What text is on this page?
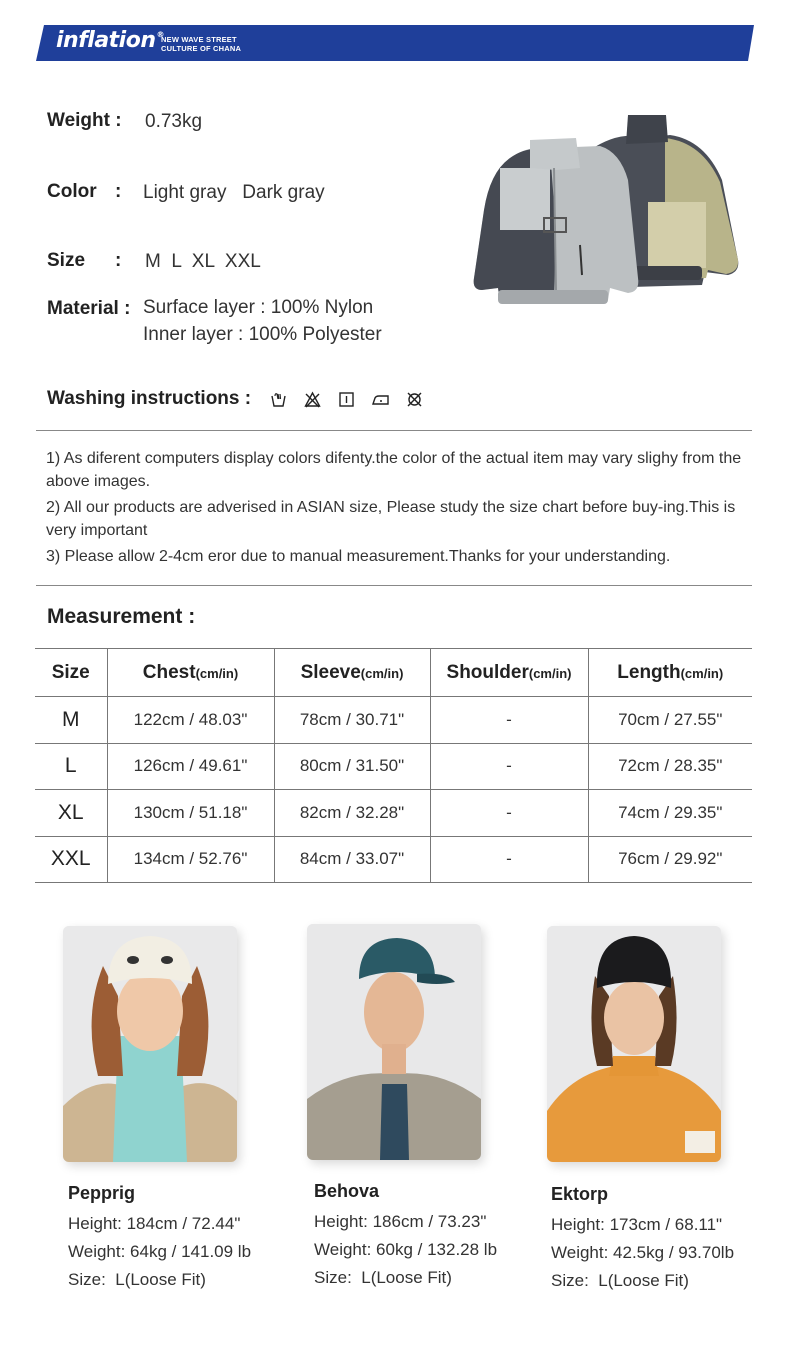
inflation®
NEW WAVE STREET
CULTURE OF CHANA
Weight : 0.73kg
Color : Light gray   Dark gray
Size : M  L  XL  XXL
Material : Surface layer : 100% Nylon
Inner layer : 100% Polyester
Washing instructions :

1) As diferent computers display colors difenty.the color of the actual item may vary slighy from the above images.

2) All our products are adverised in ASIAN size, Please study the size chart before buy-ing.This is very important

3) Please allow 2-4cm eror due to manual measurement.Thanks for your understanding.

Measurement :
Size	Chest(cm/in)	Sleeve(cm/in)	Shoulder(cm/in)	Length(cm/in)
M	122cm / 48.03"	78cm / 30.71"	-	70cm / 27.55"
L	126cm / 49.61"	80cm / 31.50"	-	72cm / 28.35"
XL	130cm / 51.18"	82cm / 32.28"	-	74cm / 29.35"
XXL	134cm / 52.76"	84cm / 33.07"	-	76cm / 29.92"
Pepprig
Height: 184cm / 72.44"
Weight: 64kg / 141.09 lb
Size:  L(Loose Fit)
Behova
Height: 186cm / 73.23"
Weight: 60kg / 132.28 lb
Size:  L(Loose Fit)
Ektorp
Height: 173cm / 68.11"
Weight: 42.5kg / 93.70lb
Size:  L(Loose Fit)
